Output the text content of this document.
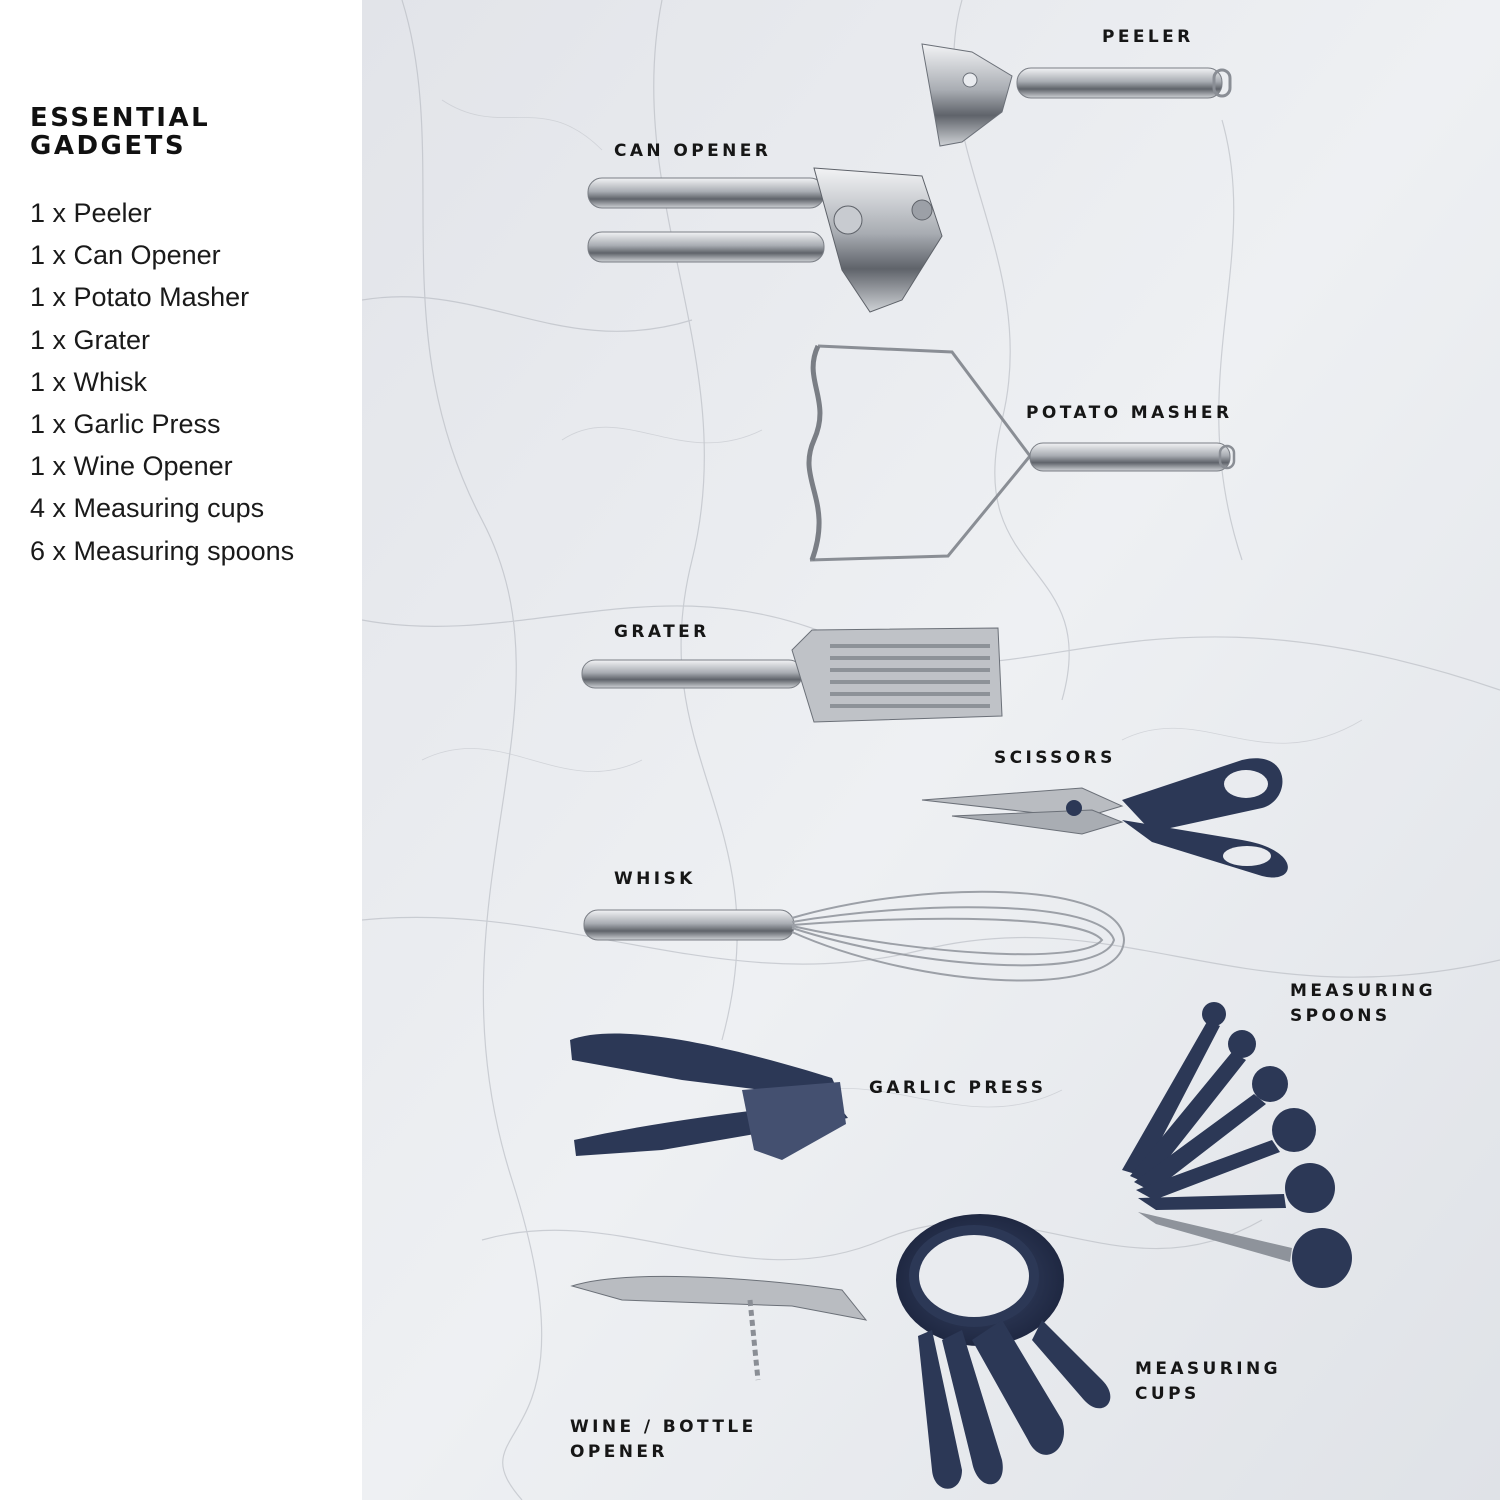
ESSENTIAL
GADGETS
1 x Peeler
1 x Can Opener
1 x Potato Masher
1 x Grater
1 x Whisk
1 x Garlic Press
1 x Wine Opener
4 x Measuring cups
6 x Measuring spoons
PEELER
CAN OPENER
POTATO MASHER
GRATER
SCISSORS
WHISK
MEASURING
SPOONS
GARLIC PRESS
MEASURING
CUPS
WINE / BOTTLE
OPENER
